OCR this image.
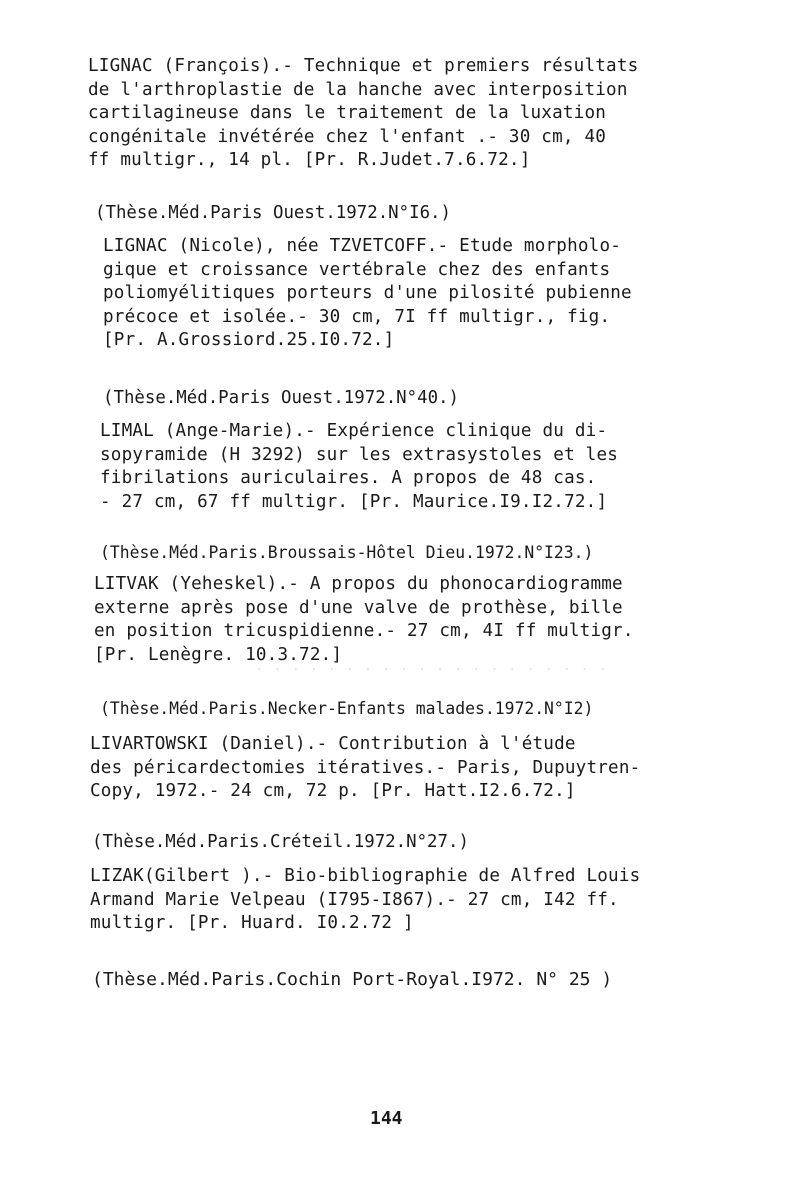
· · · · · · · · · · · · · · · · · · · ·
LIGNAC (François).- Technique et premiers résultats
de l'arthroplastie de la hanche avec interposition
cartilagineuse dans le traitement de la luxation
congénitale invétérée chez l'enfant .- 30 cm, 40
ff multigr., 14 pl. [Pr. R.Judet.7.6.72.]
(Thèse.Méd.Paris Ouest.1972.N°I6.)
LIGNAC (Nicole), née TZVETCOFF.- Etude morpholo-
gique et croissance vertébrale chez des enfants
poliomyélitiques porteurs d'une pilosité pubienne
précoce et isolée.- 30 cm, 7I ff multigr., fig.
[Pr. A.Grossiord.25.I0.72.]
(Thèse.Méd.Paris Ouest.1972.N°40.)
LIMAL (Ange-Marie).- Expérience clinique du di-
sopyramide (H 3292) sur les extrasystoles et les
fibrilations auriculaires. A propos de 48 cas.
- 27 cm, 67 ff multigr. [Pr. Maurice.I9.I2.72.]
(Thèse.Méd.Paris.Broussais-Hôtel Dieu.1972.N°I23.)
LITVAK (Yeheskel).- A propos du phonocardiogramme
externe après pose d'une valve de prothèse, bille
en position tricuspidienne.- 27 cm, 4I ff multigr.
[Pr. Lenègre. 10.3.72.]
(Thèse.Méd.Paris.Necker-Enfants malades.1972.N°I2)
LIVARTOWSKI (Daniel).- Contribution à l'étude
des péricardectomies itératives.- Paris, Dupuytren-
Copy, 1972.- 24 cm, 72 p. [Pr. Hatt.I2.6.72.]
(Thèse.Méd.Paris.Créteil.1972.N°27.)
LIZAK(Gilbert ).- Bio-bibliographie de Alfred Louis
Armand Marie Velpeau (I795-I867).- 27 cm, I42 ff.
multigr. [Pr. Huard. I0.2.72 ]
(Thèse.Méd.Paris.Cochin Port-Royal.I972. N° 25 )
144
